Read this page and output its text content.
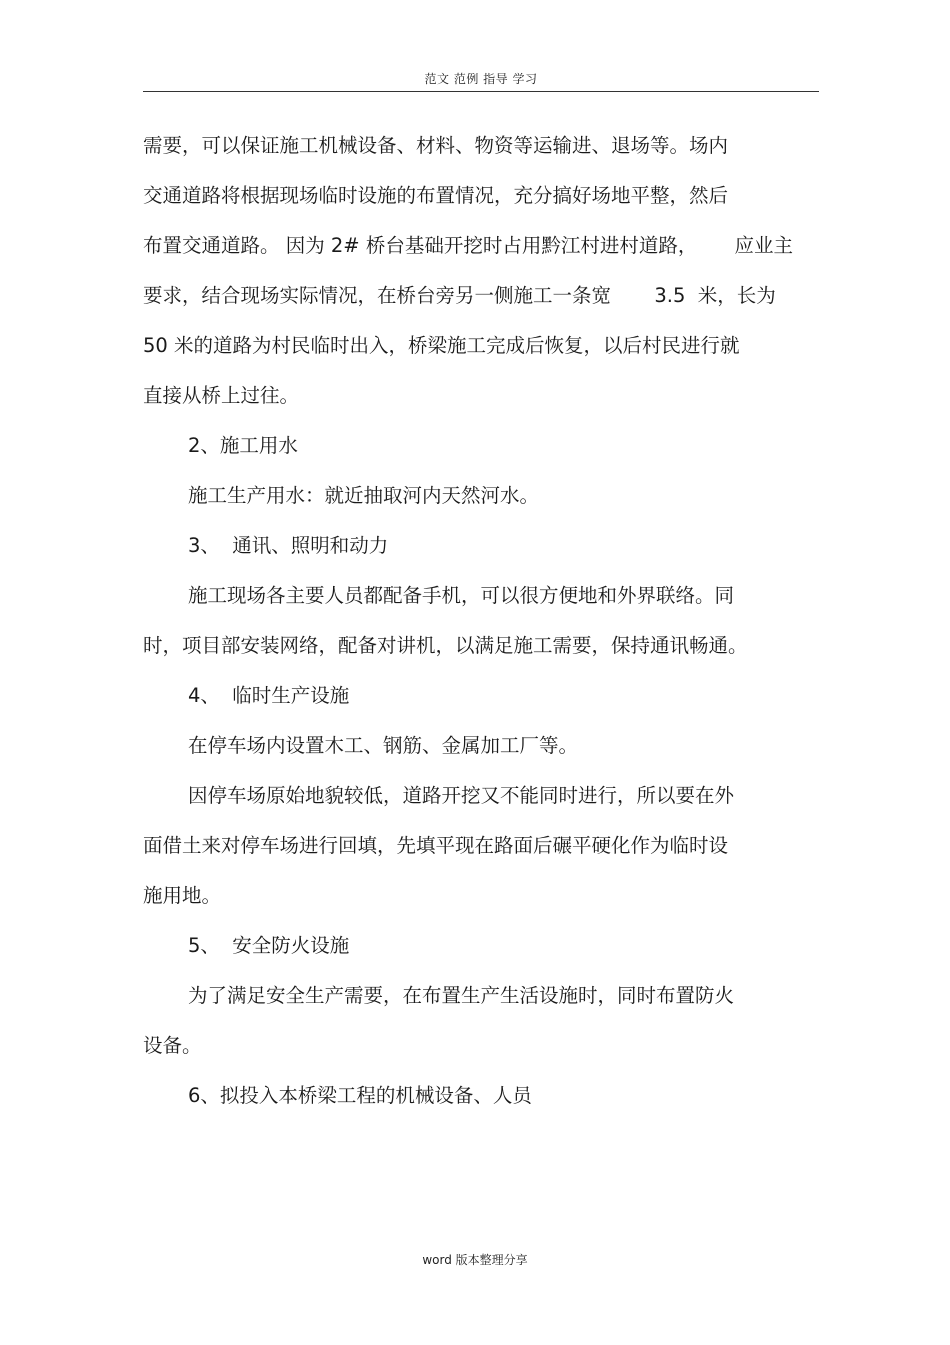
范文 范例 指导 学习
需要，可以保证施工机械设备、材料、物资等运输进、退场等。场内
交通道路将根据现场临时设施的布置情况，充分搞好场地平整，然后
布置交通道路。 因为 2# 桥台基础开挖时占用黔江村进村道路，      应业主
要求，结合现场实际情况，在桥台旁另一侧施工一条宽       3.5  米，长为
50 米的道路为村民临时出入，桥梁施工完成后恢复，以后村民进行就
直接从桥上过往。
2、施工用水
施工生产用水：就近抽取河内天然河水。
3、  通讯、照明和动力
施工现场各主要人员都配备手机，可以很方便地和外界联络。同
时，项目部安装网络，配备对讲机，以满足施工需要，保持通讯畅通。
4、  临时生产设施
在停车场内设置木工、钢筋、金属加工厂等。
因停车场原始地貌较低，道路开挖又不能同时进行，所以要在外
面借土来对停车场进行回填，先填平现在路面后碾平硬化作为临时设
施用地。
5、  安全防火设施
为了满足安全生产需要，在布置生产生活设施时，同时布置防火
设备。
6、拟投入本桥梁工程的机械设备、人员
word 版本整理分享
